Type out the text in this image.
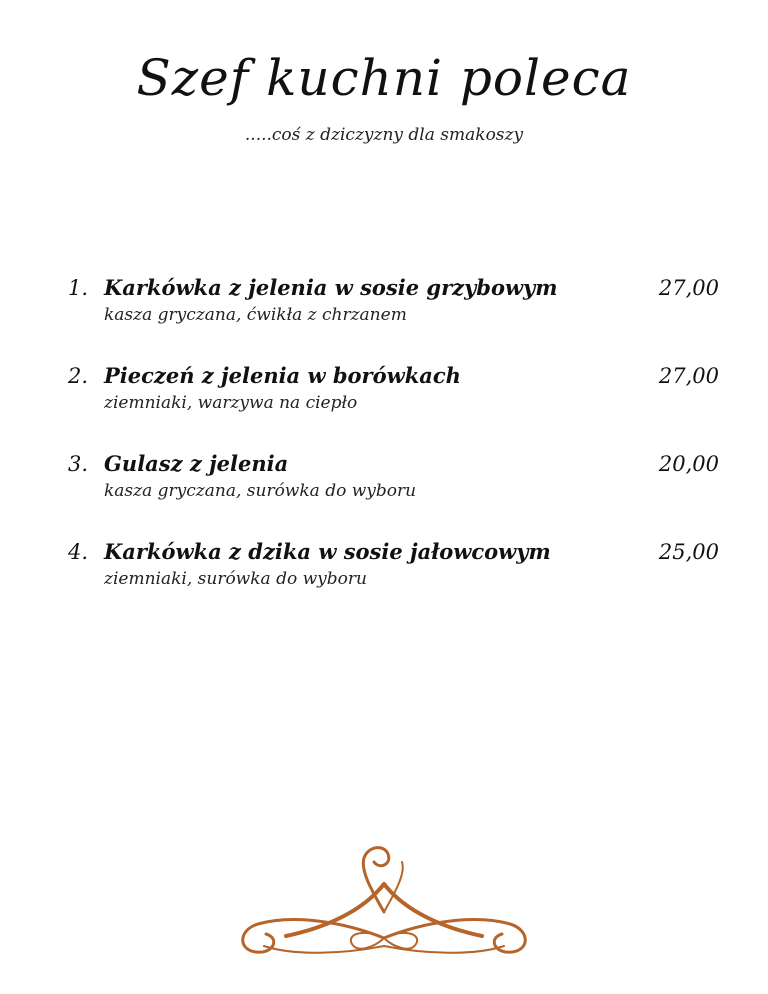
Szef kuchni poleca
.....coś z dziczyzny dla smakoszy
1. Karkówka z jelenia w sosie grzybowym	27,00
kasza gryczana, ćwikła z chrzanem
2. Pieczeń z jelenia w borówkach	27,00
ziemniaki, warzywa na ciepło
3. Gulasz z jelenia	20,00
kasza gryczana, surówka do wyboru
4. Karkówka z dzika w sosie jałowcowym	25,00
ziemniaki, surówka do wyboru
